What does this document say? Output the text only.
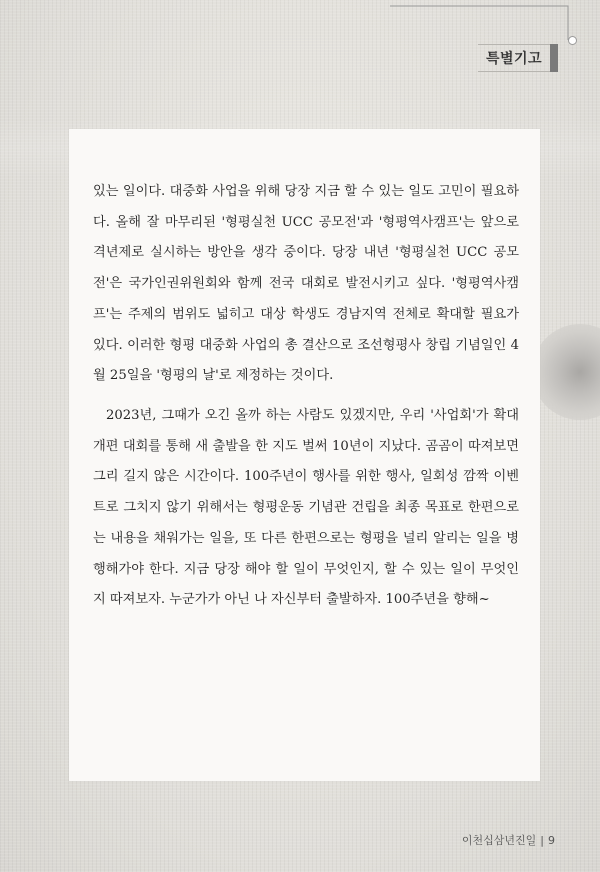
특별기고

있는 일이다. 대중화 사업을 위해 당장 지금 할 수 있는 일도 고민이 필요하다. 올해 잘 마무리된 '형평실천 UCC 공모전'과 '형평역사캠프'는 앞으로 격년제로 실시하는 방안을 생각 중이다. 당장 내년 '형평실천 UCC 공모전'은 국가인권위원회와 함께 전국 대회로 발전시키고 싶다. '형평역사캠프'는 주제의 범위도 넓히고 대상 학생도 경남지역 전체로 확대할 필요가 있다. 이러한 형평 대중화 사업의 총 결산으로 조선형평사 창립 기념일인 4월 25일을 '형평의 날'로 제정하는 것이다.

2023년, 그때가 오긴 올까 하는 사람도 있겠지만, 우리 '사업회'가 확대 개편 대회를 통해 새 출발을 한 지도 벌써 10년이 지났다. 곰곰이 따져보면 그리 길지 않은 시간이다. 100주년이 행사를 위한 행사, 일회성 깜짝 이벤트로 그치지 않기 위해서는 형평운동 기념관 건립을 최종 목표로 한편으로는 내용을 채워가는 일을, 또 다른 한편으로는 형평을 널리 알리는 일을 병행해가야 한다. 지금 당장 해야 할 일이 무엇인지, 할 수 있는 일이 무엇인지 따져보자. 누군가가 아닌 나 자신부터 출발하자. 100주년을 향해~

이천십삼년진일 | 9
